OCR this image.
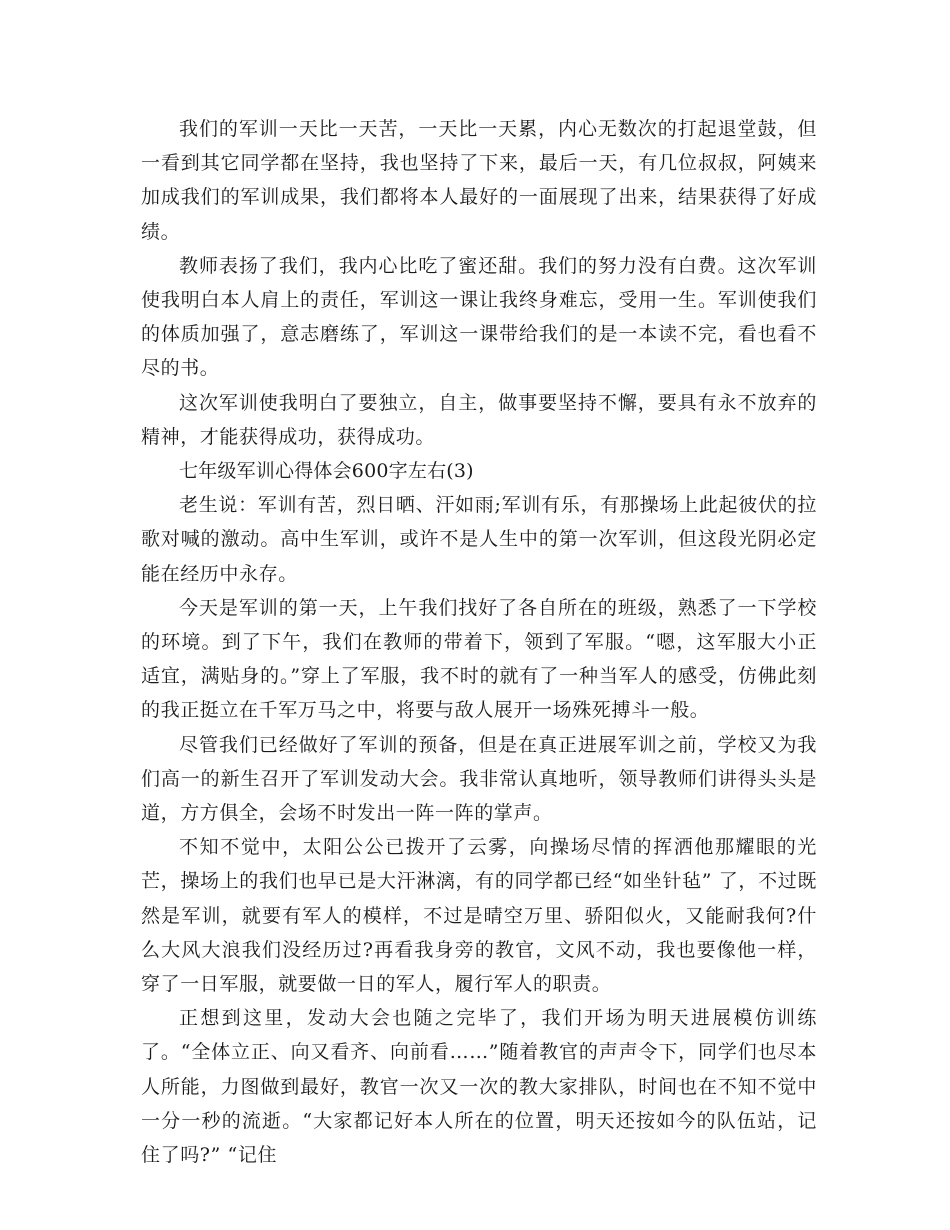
我们的军训一天比一天苦，一天比一天累，内心无数次的打起退堂鼓，但一看到其它同学都在坚持，我也坚持了下来，最后一天，有几位叔叔，阿姨来加成我们的军训成果，我们都将本人最好的一面展现了出来，结果获得了好成绩。

教师表扬了我们，我内心比吃了蜜还甜。我们的努力没有白费。这次军训使我明白本人肩上的责任，军训这一课让我终身难忘，受用一生。军训使我们的体质加强了，意志磨练了，军训这一课带给我们的是一本读不完，看也看不尽的书。

这次军训使我明白了要独立，自主，做事要坚持不懈，要具有永不放弃的精神，才能获得成功，获得成功。

七年级军训心得体会600字左右(3)

老生说：军训有苦，烈日晒、汗如雨;军训有乐，有那操场上此起彼伏的拉歌对喊的激动。高中生军训，或许不是人生中的第一次军训，但这段光阴必定能在经历中永存。

今天是军训的第一天，上午我们找好了各自所在的班级，熟悉了一下学校的环境。到了下午，我们在教师的带着下，领到了军服。“嗯，这军服大小正适宜，满贴身的。”穿上了军服，我不时的就有了一种当军人的感受，仿佛此刻的我正挺立在千军万马之中，将要与敌人展开一场殊死搏斗一般。

尽管我们已经做好了军训的预备，但是在真正进展军训之前，学校又为我们高一的新生召开了军训发动大会。我非常认真地听，领导教师们讲得头头是道，方方俱全，会场不时发出一阵一阵的掌声。

不知不觉中，太阳公公已拨开了云雾，向操场尽情的挥洒他那耀眼的光芒，操场上的我们也早已是大汗淋漓，有的同学都已经“如坐针毡” 了，不过既然是军训，就要有军人的模样，不过是晴空万里、骄阳似火，又能耐我何?什么大风大浪我们没经历过?再看我身旁的教官，文风不动，我也要像他一样，穿了一日军服，就要做一日的军人，履行军人的职责。

正想到这里，发动大会也随之完毕了，我们开场为明天进展模仿训练了。“全体立正、向又看齐、向前看……”随着教官的声声令下，同学们也尽本人所能，力图做到最好，教官一次又一次的教大家排队，时间也在不知不觉中一分一秒的流逝。“大家都记好本人所在的位置，明天还按如今的队伍站，记住了吗?” “记住
